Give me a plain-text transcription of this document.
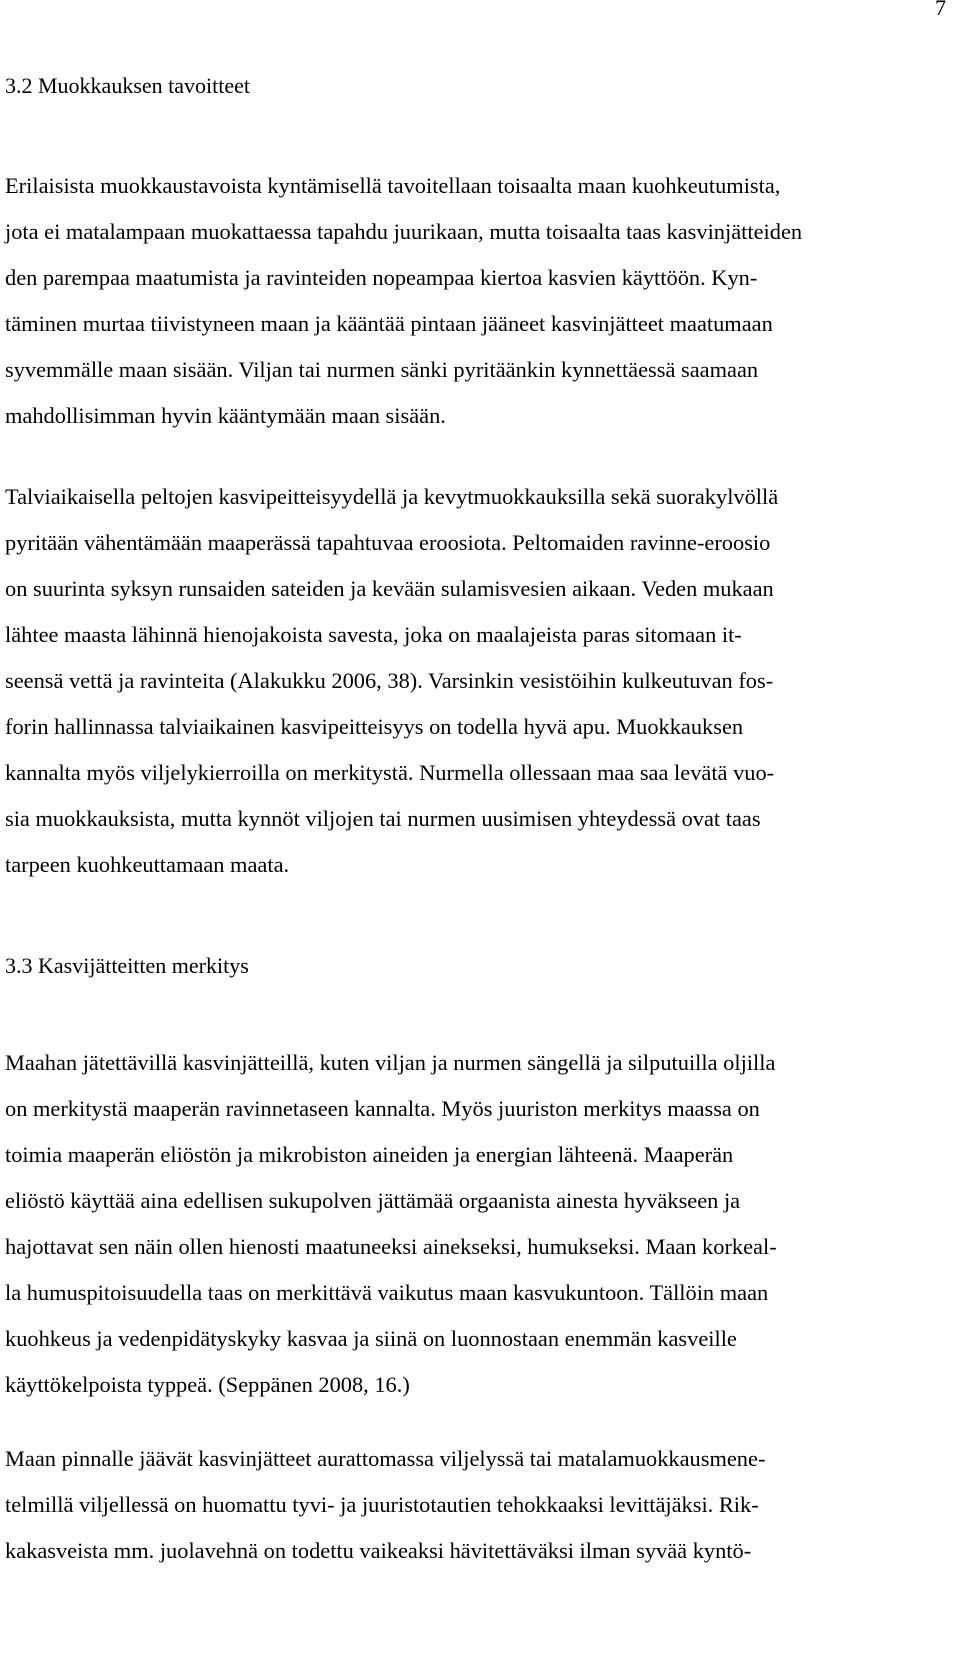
7
3.2 Muokkauksen tavoitteet
Erilaisista muokkaustavoista kyntämisellä tavoitellaan toisaalta maan kuohkeutumista,
jota ei matalampaan muokattaessa tapahdu juurikaan, mutta toisaalta taas kasvinjätteiden
den parempaa maatumista ja ravinteiden nopeampaa kiertoa kasvien käyttöön. Kyn-
täminen murtaa tiivistyneen maan ja kääntää pintaan jääneet kasvinjätteet maatumaan
syvemmälle maan sisään. Viljan tai nurmen sänki pyritäänkin kynnettäessä saamaan
mahdollisimman hyvin kääntymään maan sisään.
Talviaikaisella peltojen kasvipeitteisyydellä ja kevytmuokkauksilla sekä suorakylvöllä
pyritään vähentämään maaperässä tapahtuvaa eroosiota. Peltomaiden ravinne-eroosio
on suurinta syksyn runsaiden sateiden ja kevään sulamisvesien aikaan. Veden mukaan
lähtee maasta lähinnä hienojakoista savesta, joka on maalajeista paras sitomaan it-
seensä vettä ja ravinteita (Alakukku 2006, 38). Varsinkin vesistöihin kulkeutuvan fos-
forin hallinnassa talviaikainen kasvipeitteisyys on todella hyvä apu. Muokkauksen
kannalta myös viljelykierroilla on merkitystä. Nurmella ollessaan maa saa levätä vuo-
sia muokkauksista, mutta kynnöt viljojen tai nurmen uusimisen yhteydessä ovat taas
tarpeen kuohkeuttamaan maata.
3.3 Kasvijätteitten merkitys
Maahan jätettävillä kasvinjätteillä, kuten viljan ja nurmen sängellä ja silputuilla oljilla
on merkitystä maaperän ravinnetaseen kannalta. Myös juuriston merkitys maassa on
toimia maaperän eliöstön ja mikrobiston aineiden ja energian lähteenä. Maaperän
eliöstö käyttää aina edellisen sukupolven jättämää orgaanista ainesta hyväkseen ja
hajottavat sen näin ollen hienosti maatuneeksi ainekseksi, humukseksi. Maan korkeal-
la humuspitoisuudella taas on merkittävä vaikutus maan kasvukuntoon. Tällöin maan
kuohkeus ja vedenpidätyskyky kasvaa ja siinä on luonnostaan enemmän kasveille
käyttökelpoista typpeä. (Seppänen 2008, 16.)
Maan pinnalle jäävät kasvinjätteet aurattomassa viljelyssä tai matalamuokkausmene-
telmillä viljellessä on huomattu tyvi- ja juuristotautien tehokkaaksi levittäjäksi. Rik-
kakasveista mm. juolavehnä on todettu vaikeaksi hävitettäväksi ilman syvää kyntö-
